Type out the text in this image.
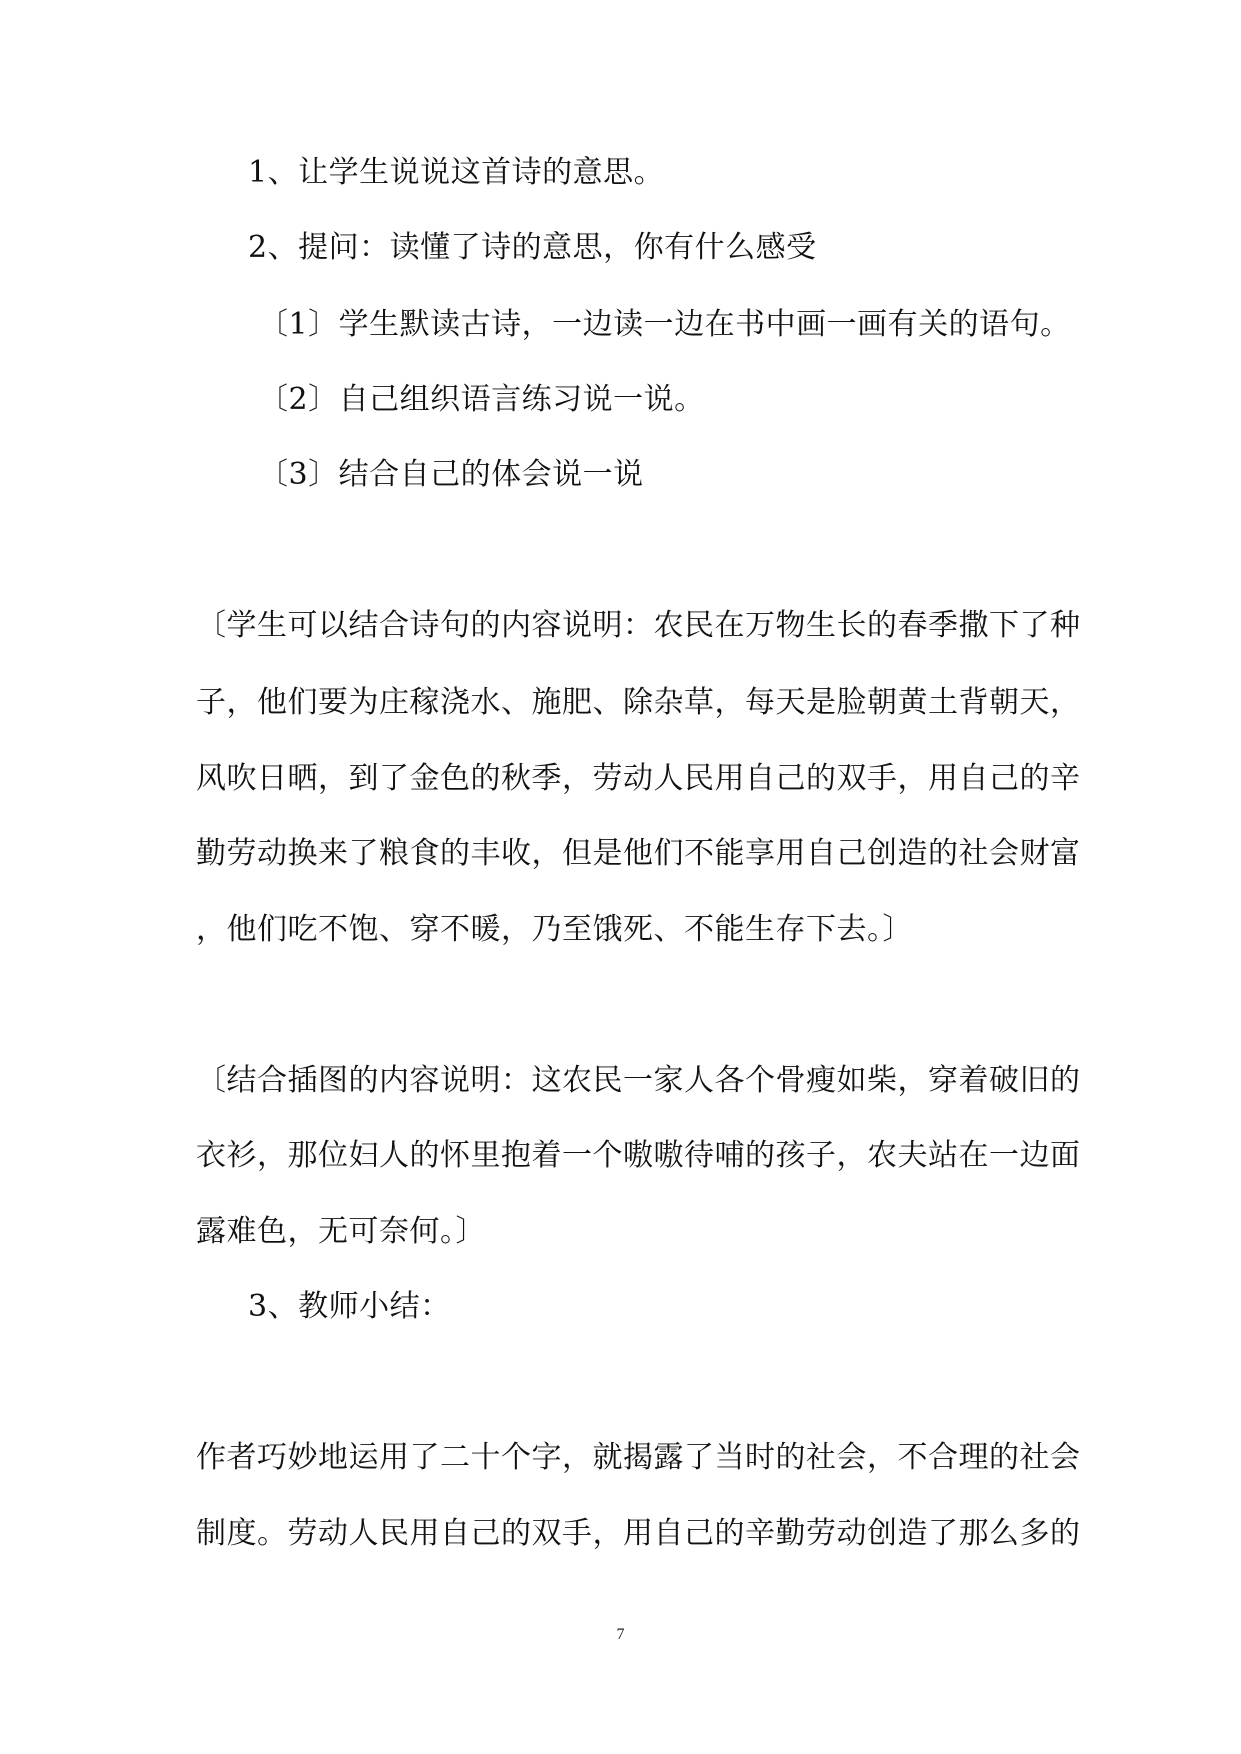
1、让学生说说这首诗的意思。
2、提问：读懂了诗的意思，你有什么感受
〔1〕学生默读古诗，一边读一边在书中画一画有关的语句。
〔2〕自己组织语言练习说一说。
〔3〕结合自己的体会说一说
〔学生可以结合诗句的内容说明：农民在万物生长的春季撒下了种
子，他们要为庄稼浇水、施肥、除杂草，每天是脸朝黄土背朝天，
风吹日晒，到了金色的秋季，劳动人民用自己的双手，用自己的辛
勤劳动换来了粮食的丰收，但是他们不能享用自己创造的社会财富
，他们吃不饱、穿不暖，乃至饿死、不能生存下去。〕
〔结合插图的内容说明：这农民一家人各个骨瘦如柴，穿着破旧的
衣衫，那位妇人的怀里抱着一个嗷嗷待哺的孩子，农夫站在一边面
露难色，无可奈何。〕
3、教师小结：
作者巧妙地运用了二十个字，就揭露了当时的社会，不合理的社会
制度。劳动人民用自己的双手，用自己的辛勤劳动创造了那么多的
7
